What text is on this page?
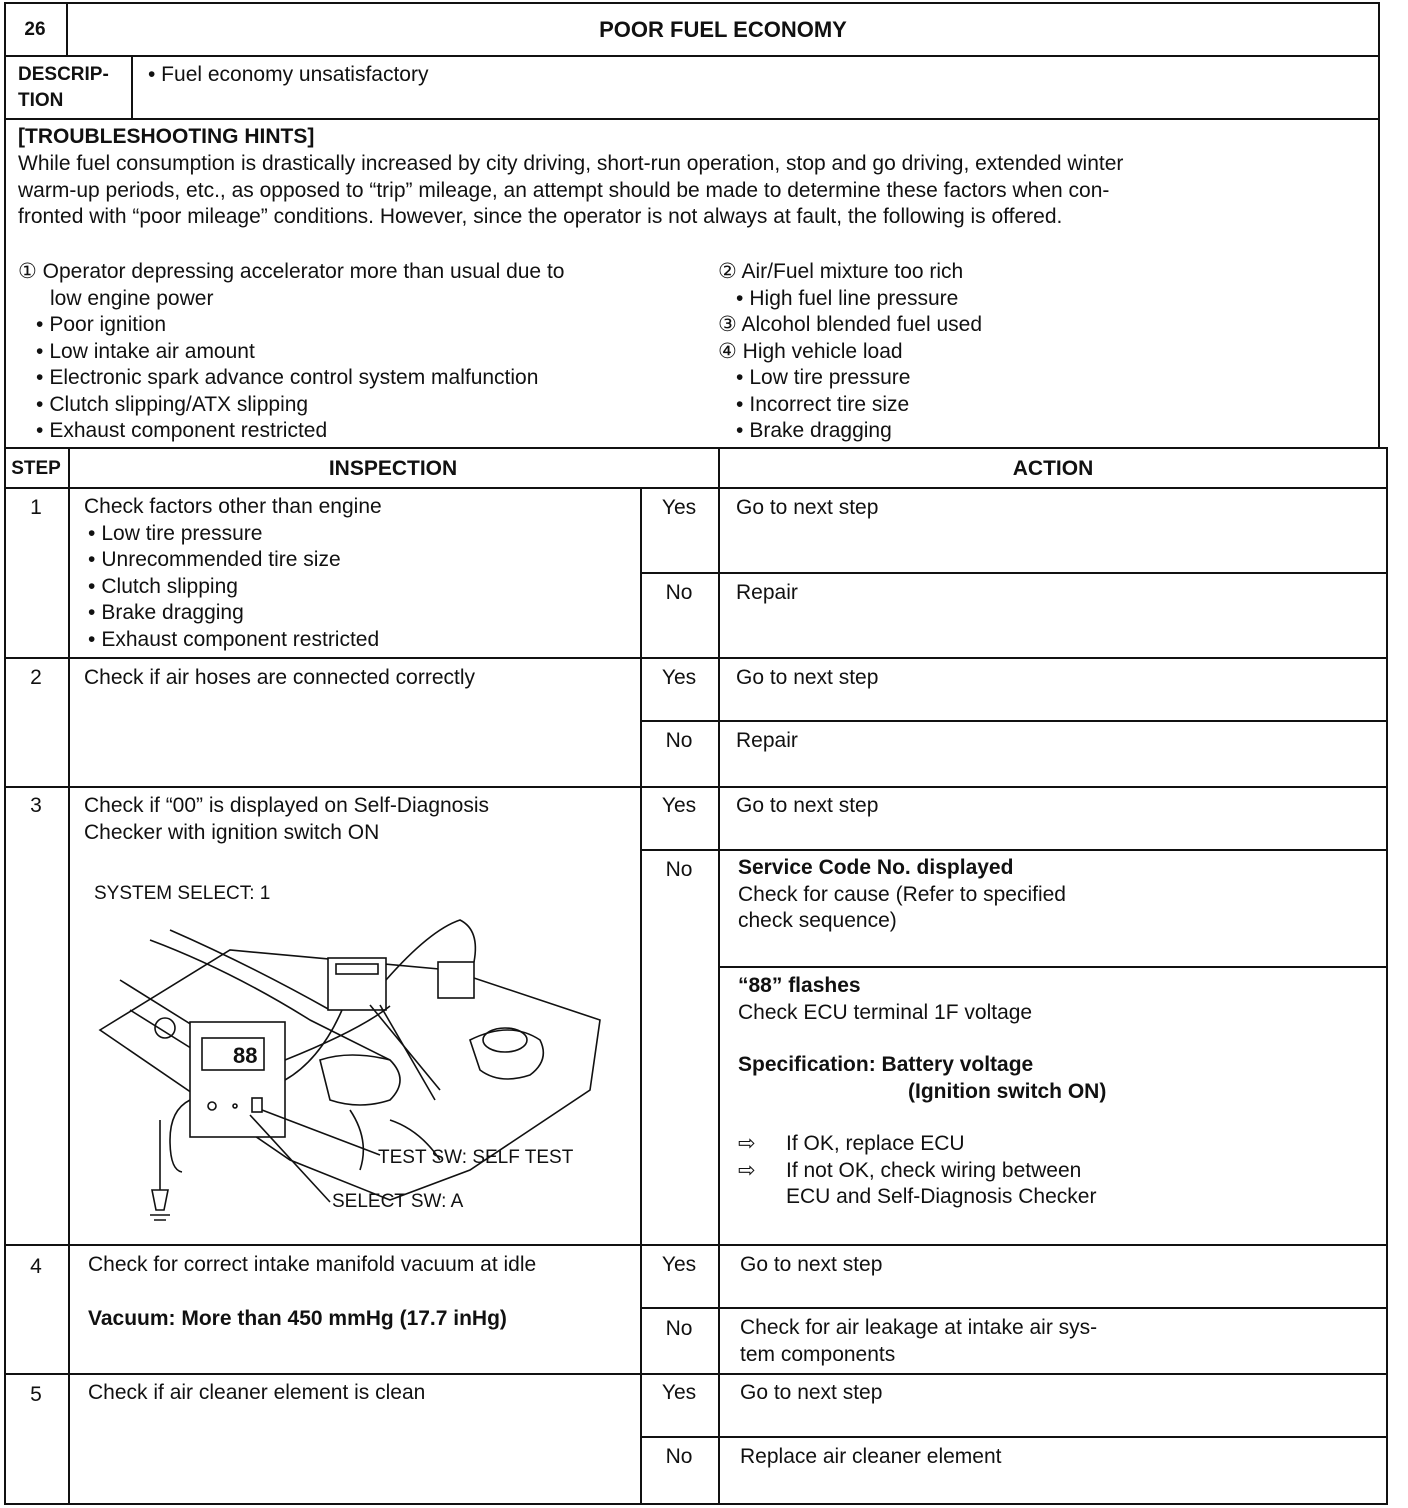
26	POOR FUEL ECONOMY
DESCRIP-
TION
• Fuel economy unsatisfactory
[TROUBLESHOOTING HINTS]
While fuel consumption is drastically increased by city driving, short-run operation, stop and go driving, extended winter
warm-up periods, etc., as opposed to “trip” mileage, an attempt should be made to determine these factors when con-
fronted with “poor mileage” conditions. However, since the operator is not always at fault, the following is offered.
① Operator depressing accelerator more than usual due to
low engine power
• Poor ignition
• Low intake air amount
• Electronic spark advance control system malfunction
• Clutch slipping/ATX slipping
• Exhaust component restricted
② Air/Fuel mixture too rich
• High fuel line pressure
③ Alcohol blended fuel used
④ High vehicle load
• Low tire pressure
• Incorrect tire size
• Brake dragging
STEP	INSPECTION	ACTION
1	Check factors other than engine
• Low tire pressure
• Unrecommended tire size
• Clutch slipping
• Brake dragging
• Exhaust component restricted
Yes	Go to next step
No	Repair
2	Check if air hoses are connected correctly	Yes	Go to next step
No	Repair
3	Check if “00” is displayed on Self-Diagnosis
Checker with ignition switch ON
Yes	Go to next step
No	Service Code No. displayed
Check for cause (Refer to specified
check sequence)
“88” flashes
Check ECU terminal 1F voltage
Specification: Battery voltage
(Ignition switch ON)
⇨ If OK, replace ECU
⇨ If not OK, check wiring between
ECU and Self-Diagnosis Checker
SYSTEM SELECT: 1
88
TEST SW: SELF TEST
SELECT SW: A
4	Check for correct intake manifold vacuum at idle
Vacuum: More than 450 mmHg (17.7 inHg)
Yes	Go to next step
No	Check for air leakage at intake air sys-
tem components
5	Check if air cleaner element is clean	Yes	Go to next step
No	Replace air cleaner element
